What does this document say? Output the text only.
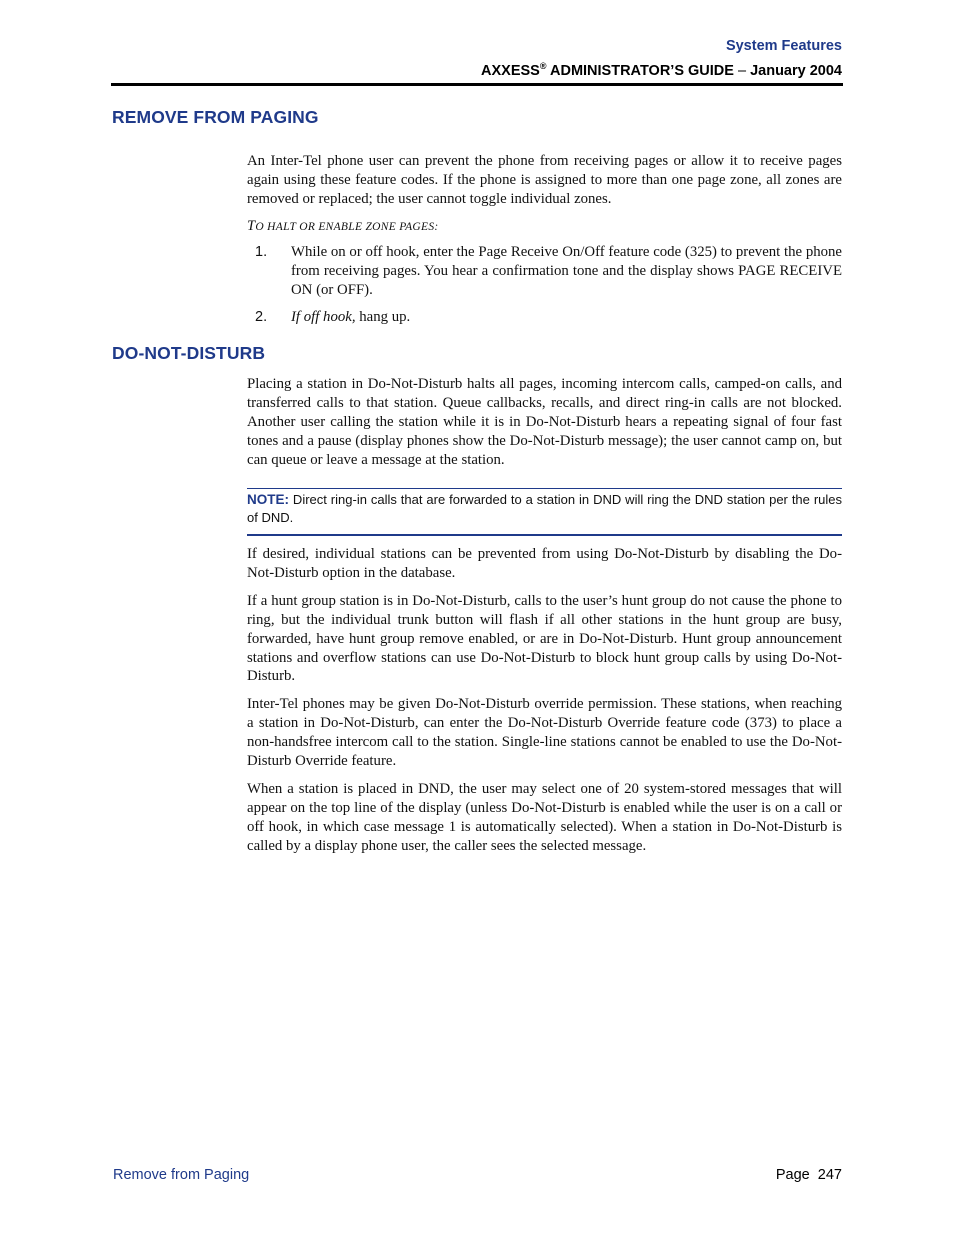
System Features
AXXESS® ADMINISTRATOR’S GUIDE – January 2004
REMOVE FROM PAGING

An Inter-Tel phone user can prevent the phone from receiving pages or allow it to receive pages again using these feature codes. If the phone is assigned to more than one page zone, all zones are removed or replaced; the user cannot toggle individual zones.

TO HALT OR ENABLE ZONE PAGES:
1. While on or off hook, enter the Page Receive On/Off feature code (325) to prevent the phone from receiving pages. You hear a confirmation tone and the display shows PAGE RECEIVE ON (or OFF).
2. If off hook, hang up.
DO-NOT-DISTURB

Placing a station in Do-Not-Disturb halts all pages, incoming intercom calls, camped-on calls, and transferred calls to that station. Queue callbacks, recalls, and direct ring-in calls are not blocked. Another user calling the station while it is in Do-Not-Disturb hears a repeating signal of four fast tones and a pause (display phones show the Do-Not-Disturb message); the user cannot camp on, but can queue or leave a message at the station.

NOTE: Direct ring-in calls that are forwarded to a station in DND will ring the DND station per the rules of DND.

If desired, individual stations can be prevented from using Do-Not-Disturb by disabling the Do-Not-Disturb option in the database.

If a hunt group station is in Do-Not-Disturb, calls to the user’s hunt group do not cause the phone to ring, but the individual trunk button will flash if all other stations in the hunt group are busy, forwarded, have hunt group remove enabled, or are in Do-Not-Disturb. Hunt group announcement stations and overflow stations can use Do-Not-Disturb to block hunt group calls by using Do-Not-Disturb.

Inter-Tel phones may be given Do-Not-Disturb override permission. These stations, when reaching a station in Do-Not-Disturb, can enter the Do-Not-Disturb Override feature code (373) to place a non-handsfree intercom call to the station. Single-line stations cannot be enabled to use the Do-Not-Disturb Override feature.

When a station is placed in DND, the user may select one of 20 system-stored messages that will appear on the top line of the display (unless Do-Not-Disturb is enabled while the user is on a call or off hook, in which case message 1 is automatically selected). When a station in Do-Not-Disturb is called by a display phone user, the caller sees the selected message.

Remove from Paging	Page 247
